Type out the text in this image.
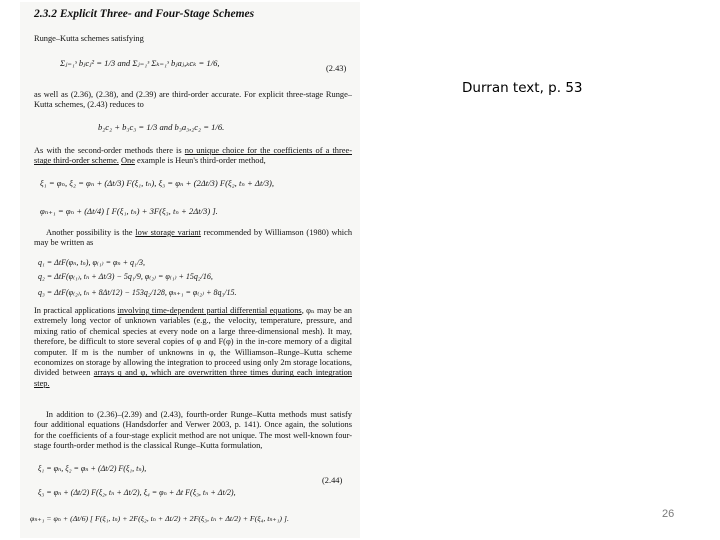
2.3.2 Explicit Three- and Four-Stage Schemes

Runge–Kutta schemes satisfying

Σⱼ₌₁ˢ bⱼcⱼ² = 1/3 and Σⱼ₌₁ˢ Σₖ₌₁ˢ bⱼaⱼ,ₖcₖ = 1/6,
(2.43)

as well as (2.36), (2.38), and (2.39) are third-order accurate. For explicit three-stage Runge–Kutta schemes, (2.43) reduces to

b₂c₂ + b₃c₃ = 1/3 and b₃a₃,₂c₂ = 1/6.

As with the second-order methods there is no unique choice for the coefficients of a three-stage third-order scheme. One example is Heun's third-order method,

ξ₁ = φₙ, ξ₂ = φₙ + (Δt/3) F(ξ₁, tₙ), ξ₃ = φₙ + (2Δt/3) F(ξ₂, tₙ + Δt/3),
φₙ₊₁ = φₙ + (Δt/4) [ F(ξ₁, tₙ) + 3F(ξ₃, tₙ + 2Δt/3) ].

Another possibility is the low storage variant recommended by Williamson (1980) which may be written as

q₁ = ΔtF(φₙ, tₙ), φ₍₁₎ = φₙ + q₁/3,
q₂ = ΔtF(φ₍₁₎, tₙ + Δt/3) − 5q₁/9, φ₍₂₎ = φ₍₁₎ + 15q₂/16,
q₃ = ΔtF(φ₍₂₎, tₙ + 8Δt/12) − 153q₂/128, φₙ₊₁ = φ₍₂₎ + 8q₃/15.

In practical applications involving time-dependent partial differential equations, φₙ may be an extremely long vector of unknown variables (e.g., the velocity, temperature, pressure, and mixing ratio of chemical species at every node on a large three-dimensional mesh). It may, therefore, be difficult to store several copies of φ and F(φ) in the in-core memory of a digital computer. If m is the number of unknowns in φ, the Williamson–Runge–Kutta scheme economizes on storage by allowing the integration to proceed using only 2m storage locations, divided between arrays q and φ, which are overwritten three times during each integration step.

In addition to (2.36)–(2.39) and (2.43), fourth-order Runge–Kutta methods must satisfy four additional equations (Handsdorfer and Verwer 2003, p. 141). Once again, the solutions for the coefficients of a four-stage explicit method are not unique. The most well-known four-stage fourth-order method is the classical Runge–Kutta formulation,

ξ₁ = φₙ, ξ₂ = φₙ + (Δt/2) F(ξ₁, tₙ),
(2.44)
ξ₃ = φₙ + (Δt/2) F(ξ₂, tₙ + Δt/2), ξ₄ = φₙ + Δt F(ξ₃, tₙ + Δt/2),
φₙ₊₁ = φₙ + (Δt/6) [ F(ξ₁, tₙ) + 2F(ξ₂, tₙ + Δt/2) + 2F(ξ₃, tₙ + Δt/2) + F(ξ₄, tₙ₊₁) ].
Durran text, p. 53
26
